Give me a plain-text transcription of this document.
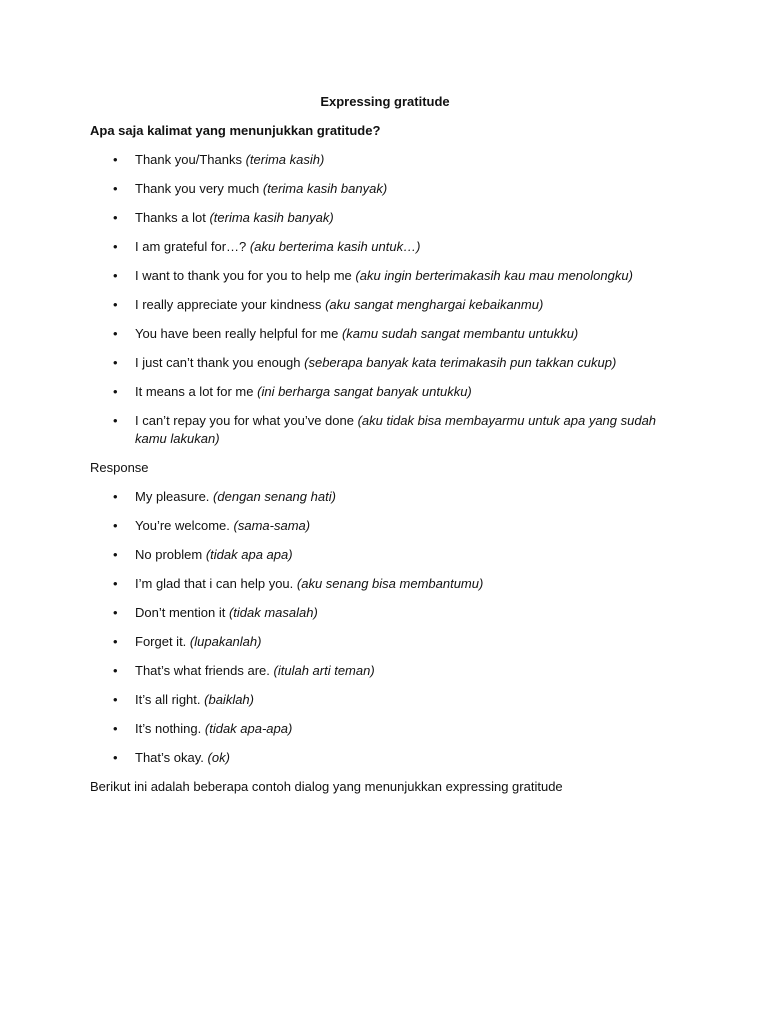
Expressing gratitude
Apa saja kalimat yang menunjukkan gratitude?
• Thank you/Thanks (terima kasih)
• Thank you very much (terima kasih banyak)
• Thanks a lot (terima kasih banyak)
• I am grateful for…? (aku berterima kasih untuk…)
• I want to thank you for you to help me (aku ingin berterimakasih kau mau menolongku)
• I really appreciate your kindness (aku sangat menghargai kebaikanmu)
• You have been really helpful for me (kamu sudah sangat membantu untukku)
• I just can’t thank you enough (seberapa banyak kata terimakasih pun takkan cukup)
• It means a lot for me (ini berharga sangat banyak untukku)
• I can’t repay you for what you’ve done (aku tidak bisa membayarmu untuk apa yang sudah kamu lakukan)
Response
• My pleasure. (dengan senang hati)
• You’re welcome. (sama-sama)
• No problem (tidak apa apa)
• I’m glad that i can help you. (aku senang bisa membantumu)
• Don’t mention it (tidak masalah)
• Forget it. (lupakanlah)
• That’s what friends are. (itulah arti teman)
• It’s all right. (baiklah)
• It’s nothing. (tidak apa-apa)
• That’s okay. (ok)
Berikut ini adalah beberapa contoh dialog yang menunjukkan expressing gratitude
